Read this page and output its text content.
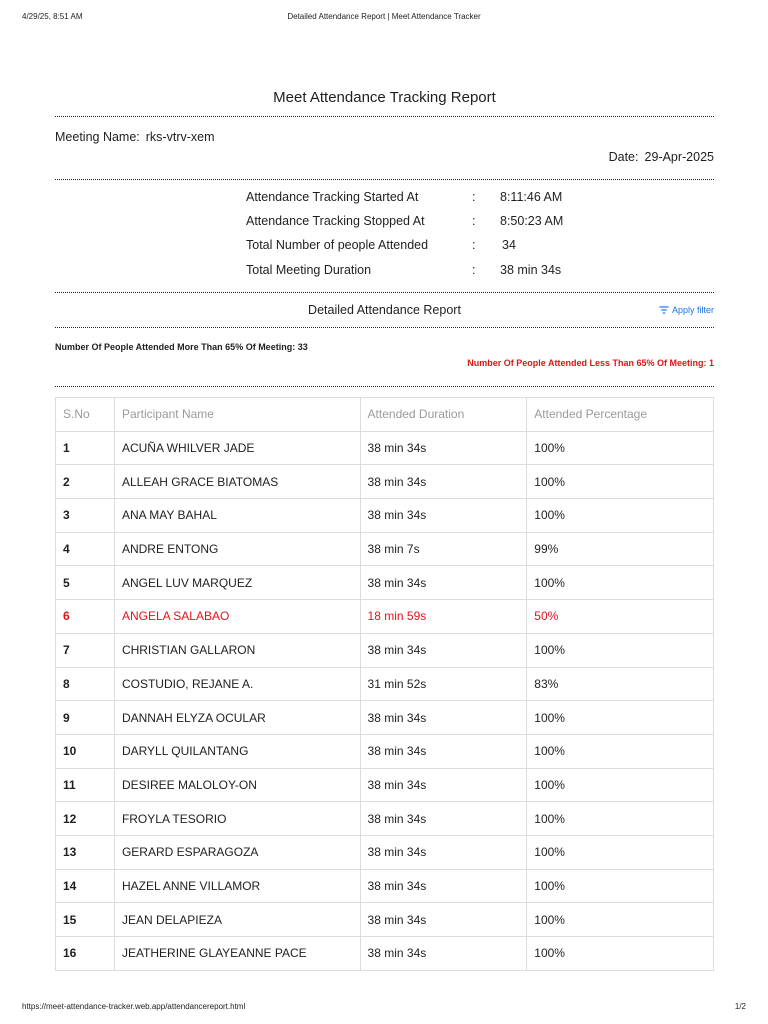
4/29/25, 8:51 AM	Detailed Attendance Report | Meet Attendance Tracker
Meet Attendance Tracking Report
Meeting Name: rks-vtrv-xem
Date: 29-Apr-2025
Attendance Tracking Started At	: 8:11:46 AM
Attendance Tracking Stopped At	: 8:50:23 AM
Total Number of people Attended	: 34
Total Meeting Duration	: 38 min 34s
Detailed Attendance Report	Apply filter
Number Of People Attended More Than 65% Of Meeting: 33
Number Of People Attended Less Than 65% Of Meeting: 1
S.No	Participant Name	Attended Duration	Attended Percentage
1	ACUÑA WHILVER JADE	38 min 34s	100%
2	ALLEAH GRACE BIATOMAS	38 min 34s	100%
3	ANA MAY BAHAL	38 min 34s	100%
4	ANDRE ENTONG	38 min 7s	99%
5	ANGEL LUV MARQUEZ	38 min 34s	100%
6	ANGELA SALABAO	18 min 59s	50%
7	CHRISTIAN GALLARON	38 min 34s	100%
8	COSTUDIO, REJANE A.	31 min 52s	83%
9	DANNAH ELYZA OCULAR	38 min 34s	100%
10	DARYLL QUILANTANG	38 min 34s	100%
11	DESIREE MALOLOY-ON	38 min 34s	100%
12	FROYLA TESORIO	38 min 34s	100%
13	GERARD ESPARAGOZA	38 min 34s	100%
14	HAZEL ANNE VILLAMOR	38 min 34s	100%
15	JEAN DELAPIEZA	38 min 34s	100%
16	JEATHERINE GLAYEANNE PACE	38 min 34s	100%
https://meet-attendance-tracker.web.app/attendancereport.html	1/2
